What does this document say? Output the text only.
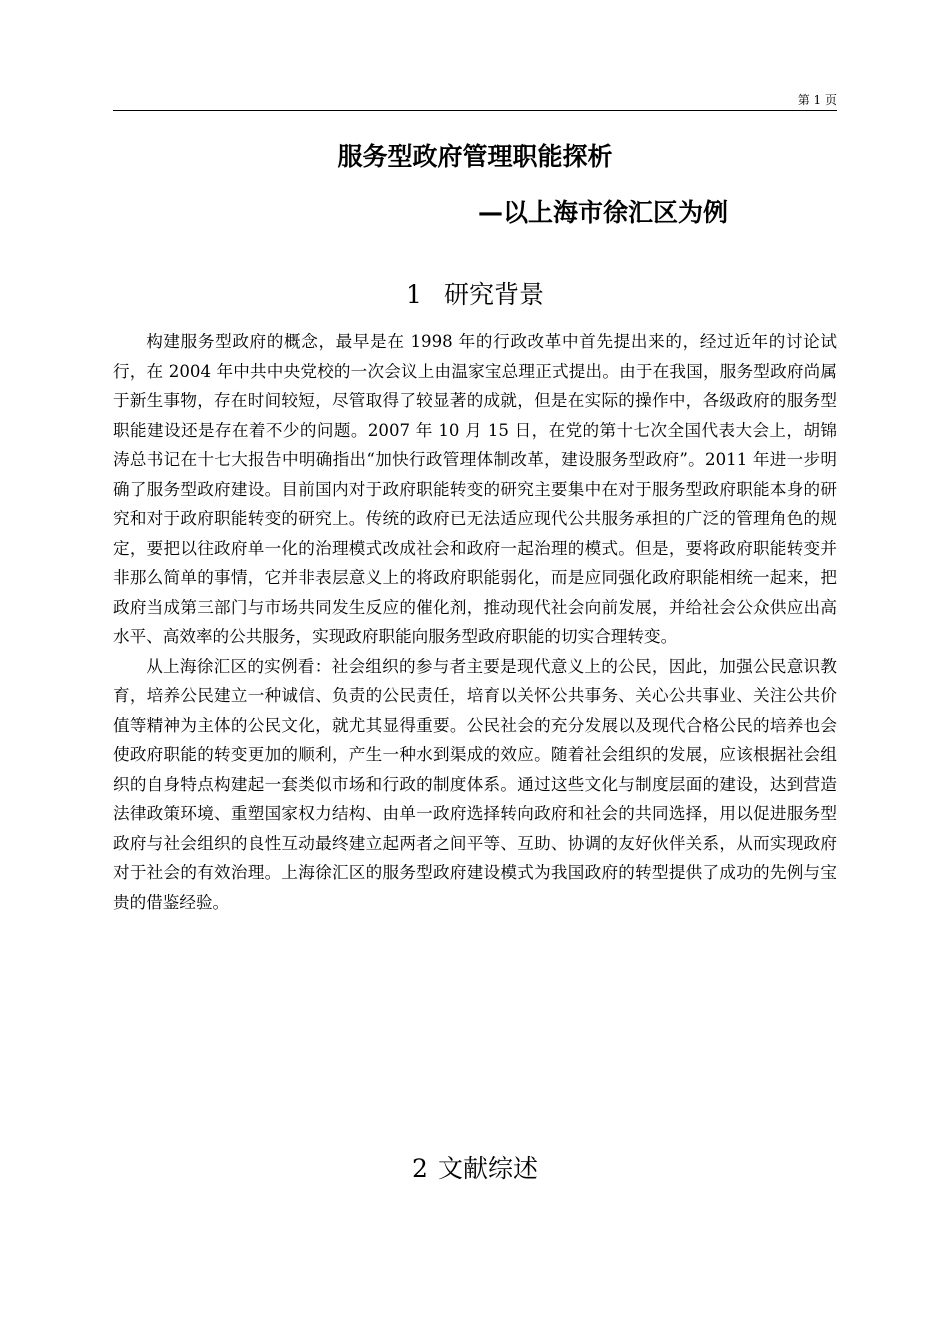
第 1 页
服务型政府管理职能探析
—以上海市徐汇区为例
1 研究背景

构建服务型政府的概念，最早是在 1998 年的行政改革中首先提出来的，经过近年的讨论试行，在 2004 年中共中央党校的一次会议上由温家宝总理正式提出。由于在我国，服务型政府尚属于新生事物，存在时间较短，尽管取得了较显著的成就，但是在实际的操作中，各级政府的服务型职能建设还是存在着不少的问题。2007 年 10 月 15 日，在党的第十七次全国代表大会上，胡锦涛总书记在十七大报告中明确指出“加快行政管理体制改革，建设服务型政府”。2011 年进一步明确了服务型政府建设。目前国内对于政府职能转变的研究主要集中在对于服务型政府职能本身的研究和对于政府职能转变的研究上。传统的政府已无法适应现代公共服务承担的广泛的管理角色的规定，要把以往政府单一化的治理模式改成社会和政府一起治理的模式。但是，要将政府职能转变并非那么简单的事情，它并非表层意义上的将政府职能弱化，而是应同强化政府职能相统一起来，把政府当成第三部门与市场共同发生反应的催化剂，推动现代社会向前发展，并给社会公众供应出高水平、高效率的公共服务，实现政府职能向服务型政府职能的切实合理转变。

从上海徐汇区的实例看：社会组织的参与者主要是现代意义上的公民，因此，加强公民意识教育，培养公民建立一种诚信、负责的公民责任，培育以关怀公共事务、关心公共事业、关注公共价值等精神为主体的公民文化，就尤其显得重要。公民社会的充分发展以及现代合格公民的培养也会使政府职能的转变更加的顺利，产生一种水到渠成的效应。随着社会组织的发展，应该根据社会组织的自身特点构建起一套类似市场和行政的制度体系。通过这些文化与制度层面的建设，达到营造法律政策环境、重塑国家权力结构、由单一政府选择转向政府和社会的共同选择，用以促进服务型政府与社会组织的良性互动最终建立起两者之间平等、互助、协调的友好伙伴关系，从而实现政府对于社会的有效治理。上海徐汇区的服务型政府建设模式为我国政府的转型提供了成功的先例与宝贵的借鉴经验。

2 文献综述
